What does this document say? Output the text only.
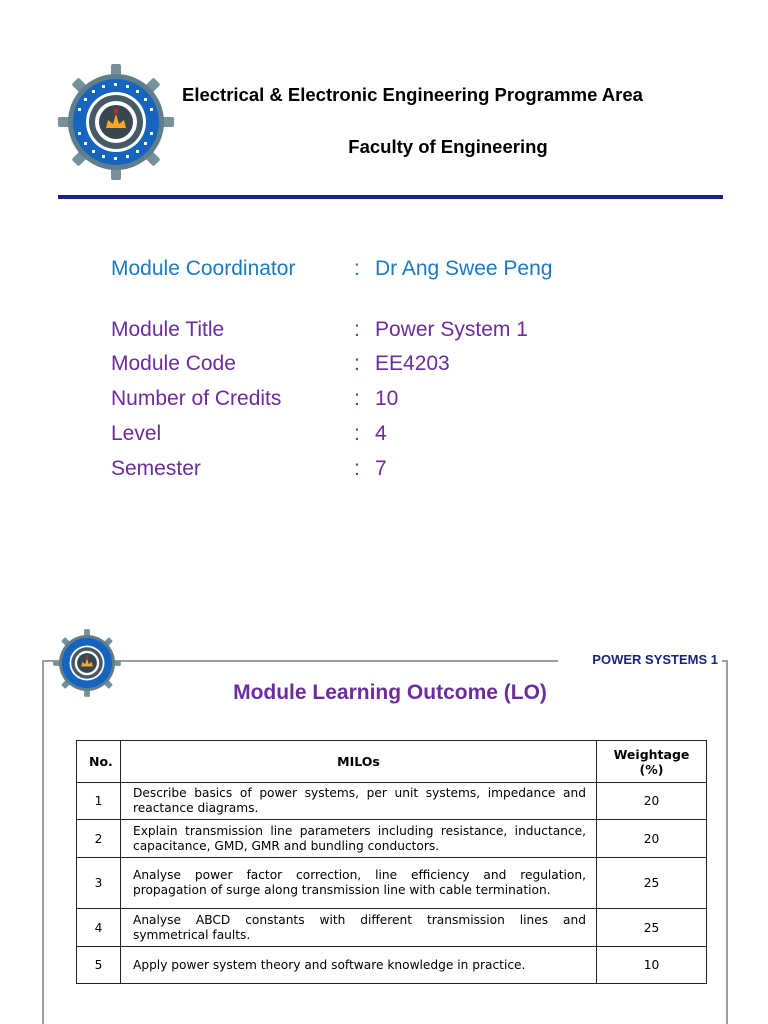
Electrical & Electronic Engineering Programme Area
Faculty of Engineering
Module Coordinator	: Dr Ang Swee Peng
Module Title	: Power System 1
Module Code	: EE4203
Number of Credits	: 10
Level	: 4
Semester	: 7
POWER SYSTEMS 1
Module Learning Outcome (LO)
No.	MILOs	Weightage (%)
1	Describe basics of power systems, per unit systems, impedance and reactance diagrams.	20
2	Explain transmission line parameters including resistance, inductance, capacitance, GMD, GMR and bundling conductors.	20
3	Analyse power factor correction, line efficiency and regulation, propagation of surge along transmission line with cable termination.	25
4	Analyse ABCD constants with different transmission lines and symmetrical faults.	25
5	Apply power system theory and software knowledge in practice.	10
